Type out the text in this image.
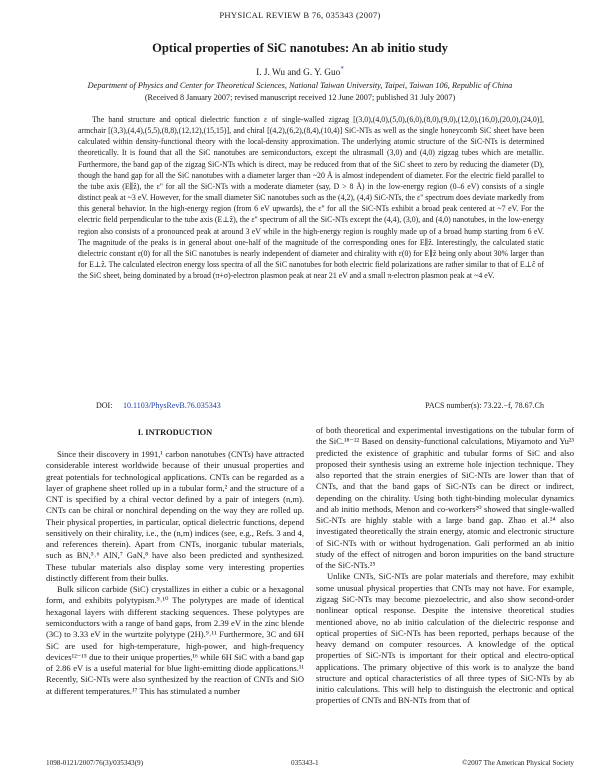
PHYSICAL REVIEW B 76, 035343 (2007)
Optical properties of SiC nanotubes: An ab initio study
I. J. Wu and G. Y. Guo*
Department of Physics and Center for Theoretical Sciences, National Taiwan University, Taipei, Taiwan 106, Republic of China
(Received 8 January 2007; revised manuscript received 12 June 2007; published 31 July 2007)
The band structure and optical dielectric function ε of single-walled zigzag [(3,0),(4,0),(5,0),(6,0),(8,0),(9,0),(12,0),(16,0),(20,0),(24,0)], armchair [(3,3),(4,4),(5,5),(8,8),(12,12),(15,15)], and chiral [(4,2),(6,2),(8,4),(10,4)] SiC-NTs as well as the single honeycomb SiC sheet have been calculated within density-functional theory with the local-density approximation. The underlying atomic structure of the SiC-NTs is determined theoretically. It is found that all the SiC nanotubes are semiconductors, except the ultrasmall (3,0) and (4,0) zigzag tubes which are metallic. Furthermore, the band gap of the zigzag SiC-NTs which is direct, may be reduced from that of the SiC sheet to zero by reducing the diameter (D), though the band gap for all the SiC nanotubes with a diameter larger than ~20 Å is almost independent of diameter. For the electric field parallel to the tube axis (E∥ẑ), the ε'' for all the SiC-NTs with a moderate diameter (say, D > 8 Å) in the low-energy region (0–6 eV) consists of a single distinct peak at ~3 eV. However, for the small diameter SiC nanotubes such as the (4,2), (4,4) SiC-NTs, the ε'' spectrum does deviate markedly from this general behavior. In the high-energy region (from 6 eV upwards), the ε'' for all the SiC-NTs exhibit a broad peak centered at ~7 eV. For the electric field perpendicular to the tube axis (E⊥ẑ), the ε'' spectrum of all the SiC-NTs except the (4,4), (3,0), and (4,0) nanotubes, in the low-energy region also consists of a pronounced peak at around 3 eV while in the high-energy region is roughly made up of a broad hump starting from 6 eV. The magnitude of the peaks is in general about one-half of the magnitude of the corresponding ones for E∥ẑ. Interestingly, the calculated static dielectric constant ε(0) for all the SiC nanotubes is nearly independent of diameter and chirality with ε(0) for E∥ẑ being only about 30% larger than for E⊥ẑ. The calculated electron energy loss spectra of all the SiC nanotubes for both electric field polarizations are rather similar to that of E⊥ĉ of the SiC sheet, being dominated by a broad (π+σ)-electron plasmon peak at near 21 eV and a small π-electron plasmon peak at ~4 eV.
DOI: 10.1103/PhysRevB.76.035343	PACS number(s): 73.22.−f, 78.67.Ch
I. INTRODUCTION

Since their discovery in 1991,¹ carbon nanotubes (CNTs) have attracted considerable interest worldwide because of their unusual properties and great potentials for technological applications. CNTs can be regarded as a layer of graphene sheet rolled up in a tubular form,² and the structure of a CNT is specified by a chiral vector defined by a pair of integers (n,m). CNTs can be chiral or nonchiral depending on the way they are rolled up. Their physical properties, in particular, optical dielectric functions, depend sensitively on their chirality, i.e., the (n,m) indices (see, e.g., Refs. 3 and 4, and references therein). Apart from CNTs, inorganic tubular materials, such as BN,⁵˒⁶ AlN,⁷ GaN,⁸ have also been predicted and synthesized. These tubular materials also display some very interesting properties distinctly different from their bulks.

Bulk silicon carbide (SiC) crystallizes in either a cubic or a hexagonal form, and exhibits polytypism.⁹˒¹⁰ The polytypes are made of identical hexagonal layers with different stacking sequences. These polytypes are semiconductors with a range of band gaps, from 2.39 eV in the zinc blende (3C) to 3.33 eV in the wurtzite polytype (2H).⁹˒¹¹ Furthermore, 3C and 6H SiC are used for high-temperature, high-power, and high-frequency devices¹²⁻¹⁵ due to their unique properties,¹⁶ while 6H SiC with a band gap of 2.86 eV is a useful material for blue light-emitting diode applications.¹¹ Recently, SiC-NTs were also synthesized by the reaction of CNTs and SiO at different temperatures.¹⁷ This has stimulated a number

of both theoretical and experimental investigations on the tubular form of the SiC.¹⁸⁻²² Based on density-functional calculations, Miyamoto and Yu²³ predicted the existence of graphitic and tubular forms of SiC and also proposed their synthesis using an extreme hole injection technique. They also reported that the strain energies of SiC-NTs are lower than that of CNTs, and that the band gaps of SiC-NTs can be direct or indirect, depending on the chirality. Using both tight-binding molecular dynamics and ab initio methods, Menon and co-workers²⁰ showed that single-walled SiC-NTs are highly stable with a large band gap. Zhao et al.²⁴ also investigated theoretically the strain energy, atomic and electronic structure of SiC-NTs with or without hydrogenation. Gali performed an ab initio study of the effect of nitrogen and boron impurities on the band structure of the SiC-NTs.²⁵

Unlike CNTs, SiC-NTs are polar materials and therefore, may exhibit some unusual physical properties that CNTs may not have. For example, zigzag SiC-NTs may become piezoelectric, and also show second-order nonlinear optical response. Despite the intensive theoretical studies mentioned above, no ab initio calculation of the dielectric response and optical properties of SiC-NTs has been reported, perhaps because of the heavy demand on computer resources. A knowledge of the optical properties of SiC-NTs is important for their optical and electro-optical applications. The primary objective of this work is to analyze the band structure and optical characteristics of all three types of SiC-NTs by ab initio calculations. This will help to distinguish the electronic and optical properties of CNTs and BN-NTs from that of

1098-0121/2007/76(3)/035343(9)	035343-1	©2007 The American Physical Society
